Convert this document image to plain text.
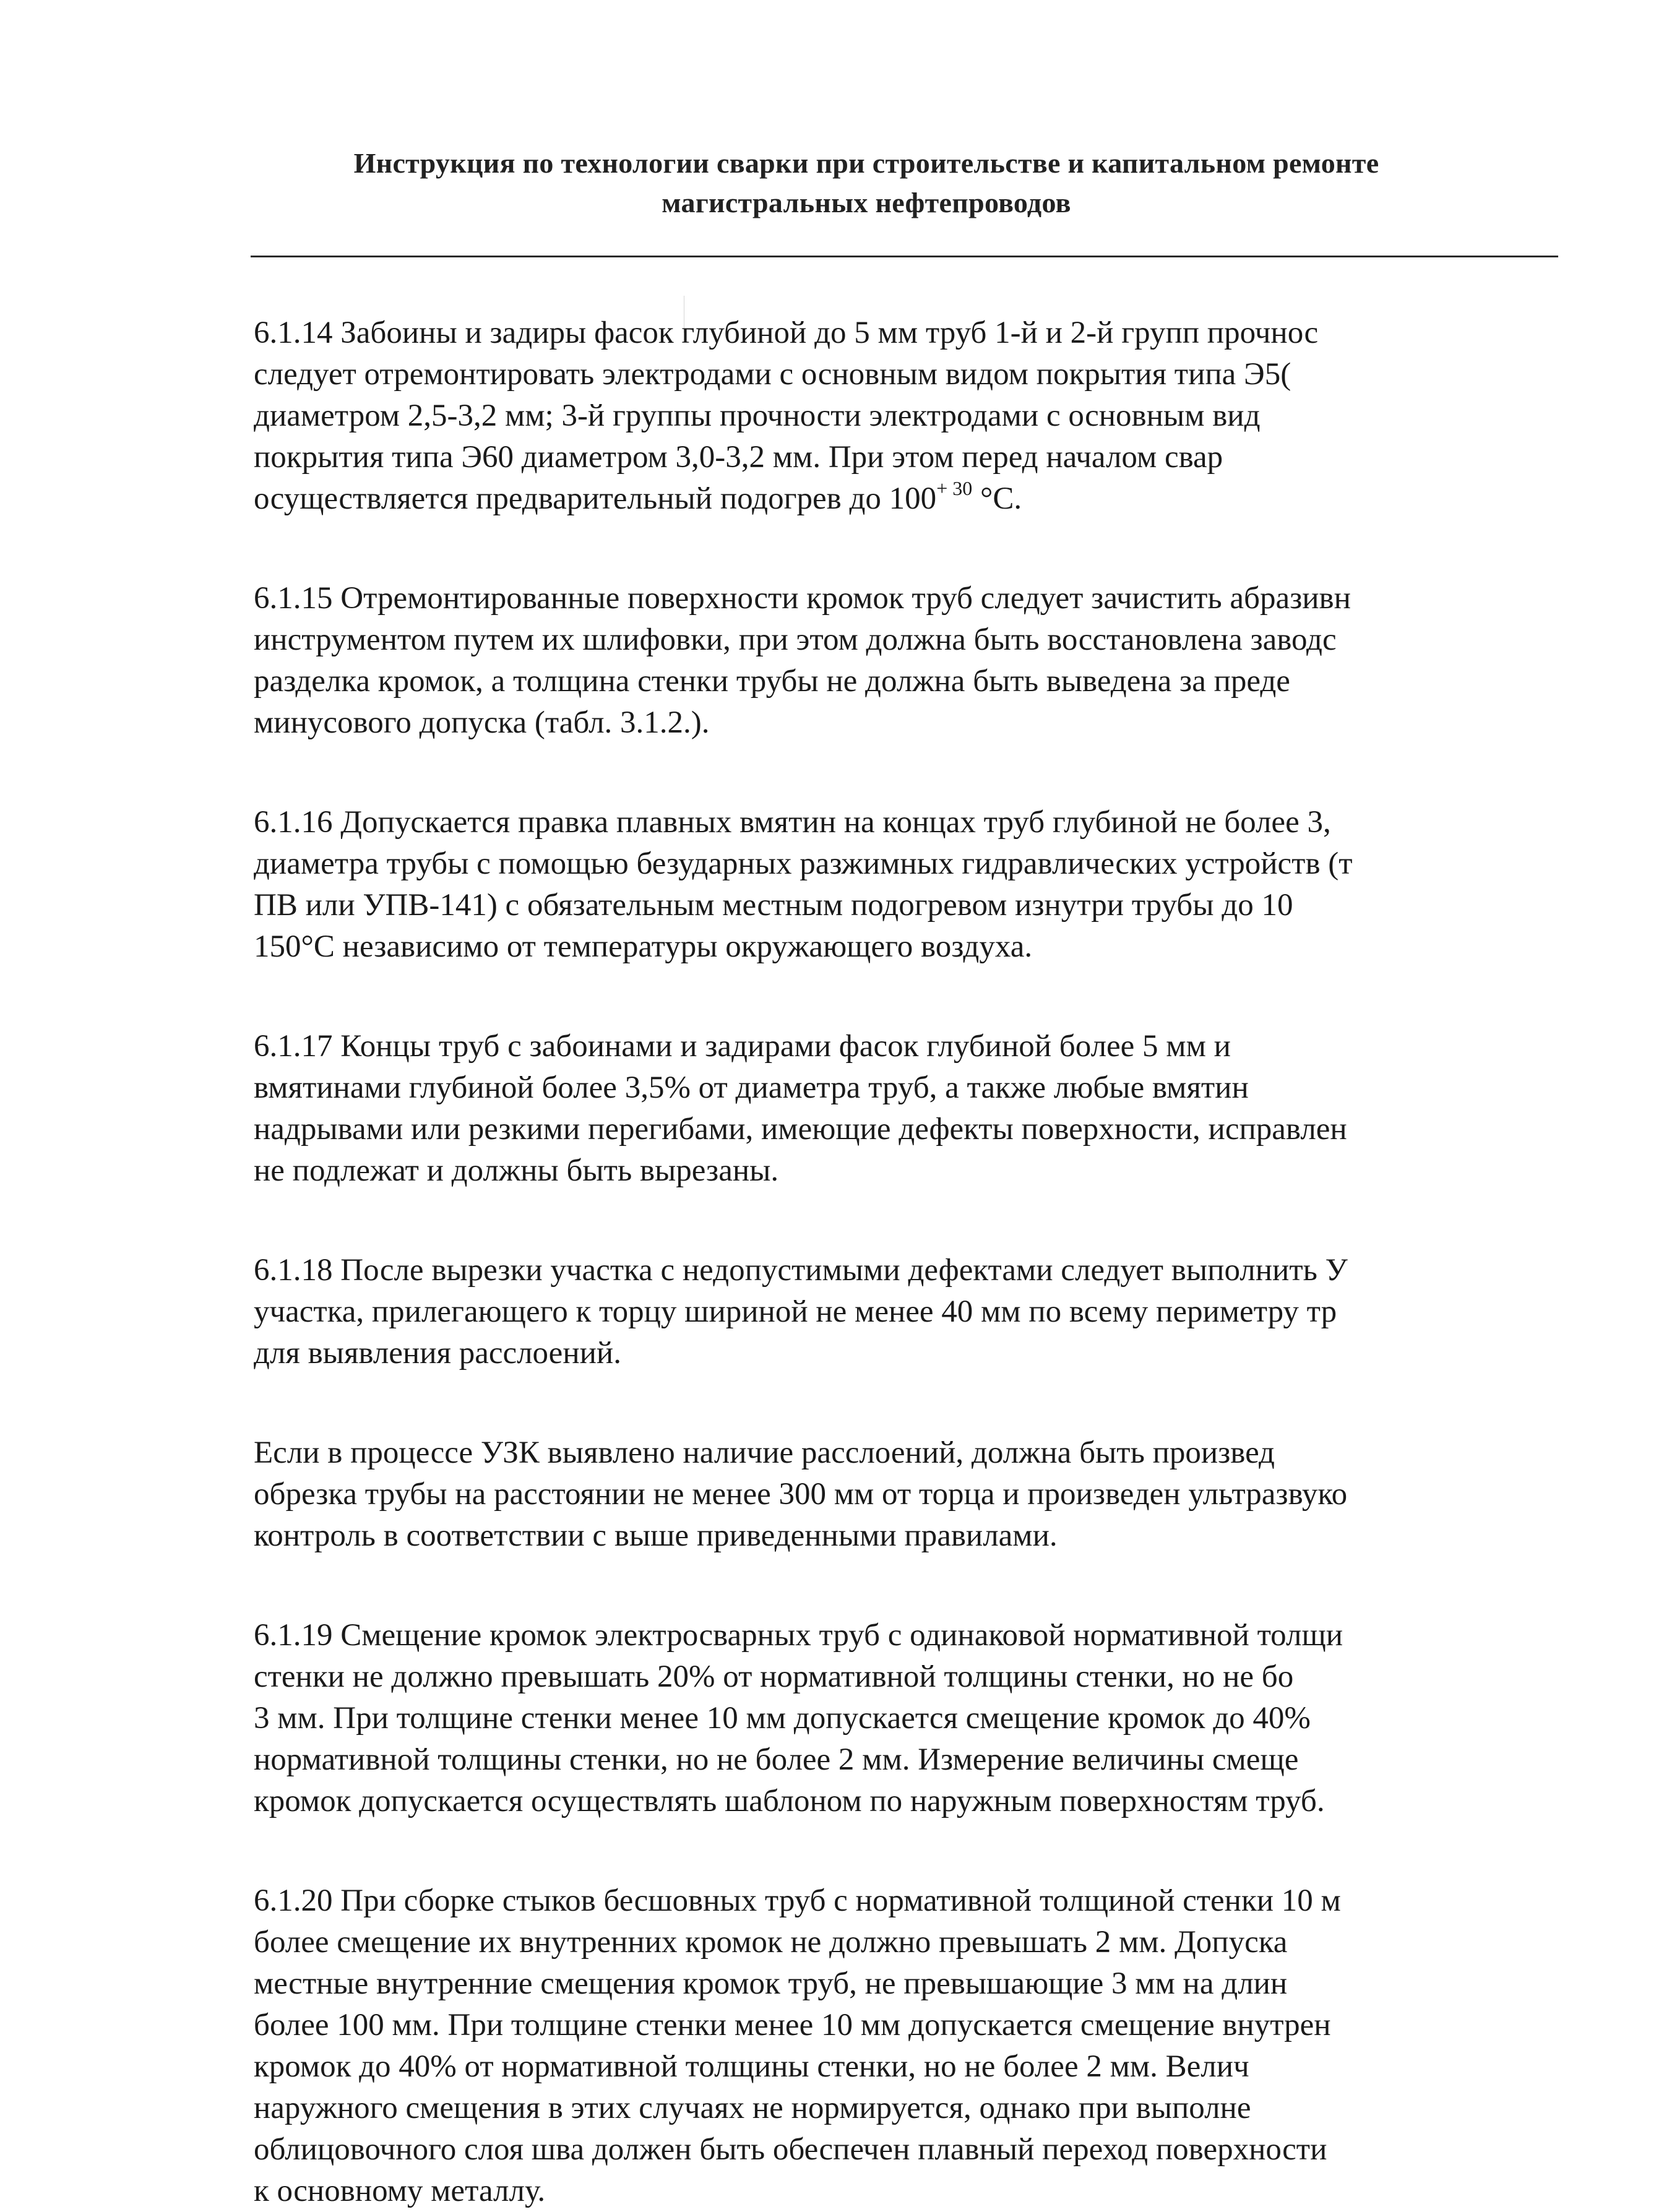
Инструкция по технологии сварки при строительстве и капитальном ремонте
магистральных нефтепроводов
6.1.14 Забоины и задиры фасок глубиной до 5 мм труб 1-й и 2-й групп прочнос
следует отремонтировать электродами с основным видом покрытия типа Э5(
диаметром 2,5-3,2 мм; 3-й группы прочности электродами с основным вид
покрытия типа Э60 диаметром 3,0-3,2 мм. При этом перед началом свар
осуществляется предварительный подогрев до $100^{+ 30}$ °С.
6.1.15 Отремонтированные поверхности кромок труб следует зачистить абразивн
инструментом путем их шлифовки, при этом должна быть восстановлена заводс
разделка кромок, а толщина стенки трубы не должна быть выведена за преде
минусового допуска (табл. 3.1.2.).
6.1.16 Допускается правка плавных вмятин на концах труб глубиной не более 3,
диаметра трубы с помощью безударных разжимных гидравлических устройств (т
ПВ или УПВ-141) с обязательным местным подогревом изнутри трубы до 10
150°С независимо от температуры окружающего воздуха.
6.1.17 Концы труб с забоинами и задирами фасок глубиной более 5 мм и
вмятинами глубиной более 3,5% от диаметра труб, а также любые вмятин
надрывами или резкими перегибами, имеющие дефекты поверхности, исправлен
не подлежат и должны быть вырезаны.
6.1.18 После вырезки участка с недопустимыми дефектами следует выполнить У
участка, прилегающего к торцу шириной не менее 40 мм по всему периметру тр
для выявления расслоений.
Если в процессе УЗК выявлено наличие расслоений, должна быть произвед
обрезка трубы на расстоянии не менее 300 мм от торца и произведен ультразвуко
контроль в соответствии с выше приведенными правилами.
6.1.19 Смещение кромок электросварных труб с одинаковой нормативной толщи
стенки не должно превышать 20% от нормативной толщины стенки, но не бо
3 мм. При толщине стенки менее 10 мм допускается смещение кромок до 40%
нормативной толщины стенки, но не более 2 мм. Измерение величины смеще
кромок допускается осуществлять шаблоном по наружным поверхностям труб.
6.1.20 При сборке стыков бесшовных труб с нормативной толщиной стенки 10 м
более смещение их внутренних кромок не должно превышать 2 мм. Допуска
местные внутренние смещения кромок труб, не превышающие 3 мм на длин
более 100 мм. При толщине стенки менее 10 мм допускается смещение внутрен
кромок до 40% от нормативной толщины стенки, но не более 2 мм. Велич
наружного смещения в этих случаях не нормируется, однако при выполне
облицовочного слоя шва должен быть обеспечен плавный переход поверхности
к основному металлу.
